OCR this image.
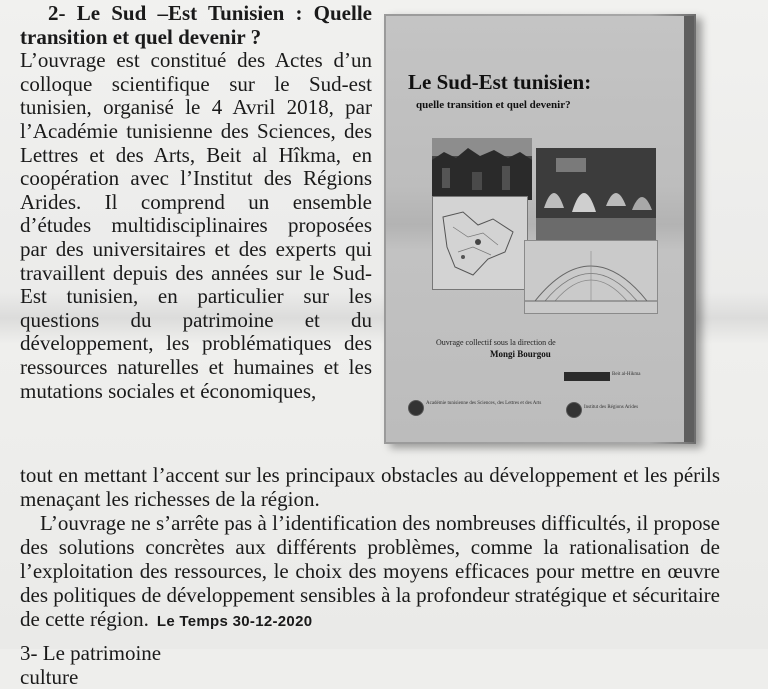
2- Le Sud –Est Tunisien : Quelle transition et quel devenir ?

L’ouvrage est constitué des Actes d’un colloque scientifique sur le Sud-est tunisien, organisé le 4 Avril 2018, par l’Académie tunisienne des Sciences, des Lettres et des Arts, Beit al Hîkma, en coopération avec l’Institut des Régions Arides. Il comprend un ensemble d’études multidisciplinaires proposées par des universitaires et des experts qui travaillent depuis des années sur le Sud-Est tunisien, en particulier sur les questions du patrimoine et du développement, les problématiques des ressources naturelles et humaines et les mutations sociales et économiques,

Le Sud-Est tunisien:
quelle transition et quel devenir?
Ouvrage collectif sous la direction de
Mongi Bourgou
Beit al-Hikma
Académie tunisienne des Sciences, des Lettres et des Arts
Institut des Régions Arides

tout en mettant l’accent sur les principaux obstacles au développement et les périls menaçant les richesses de la région.

L’ouvrage ne s’arrête pas à l’identification des nombreuses difficultés, il propose des solutions concrètes aux différents problèmes, comme la rationalisation de l’exploitation des ressources, le choix des moyens efficaces pour mettre en œuvre des politiques de développement sensibles à la profondeur stratégique et sécuritaire de cette région. Le Temps 30-12-2020

3- Le patrimoine culture
